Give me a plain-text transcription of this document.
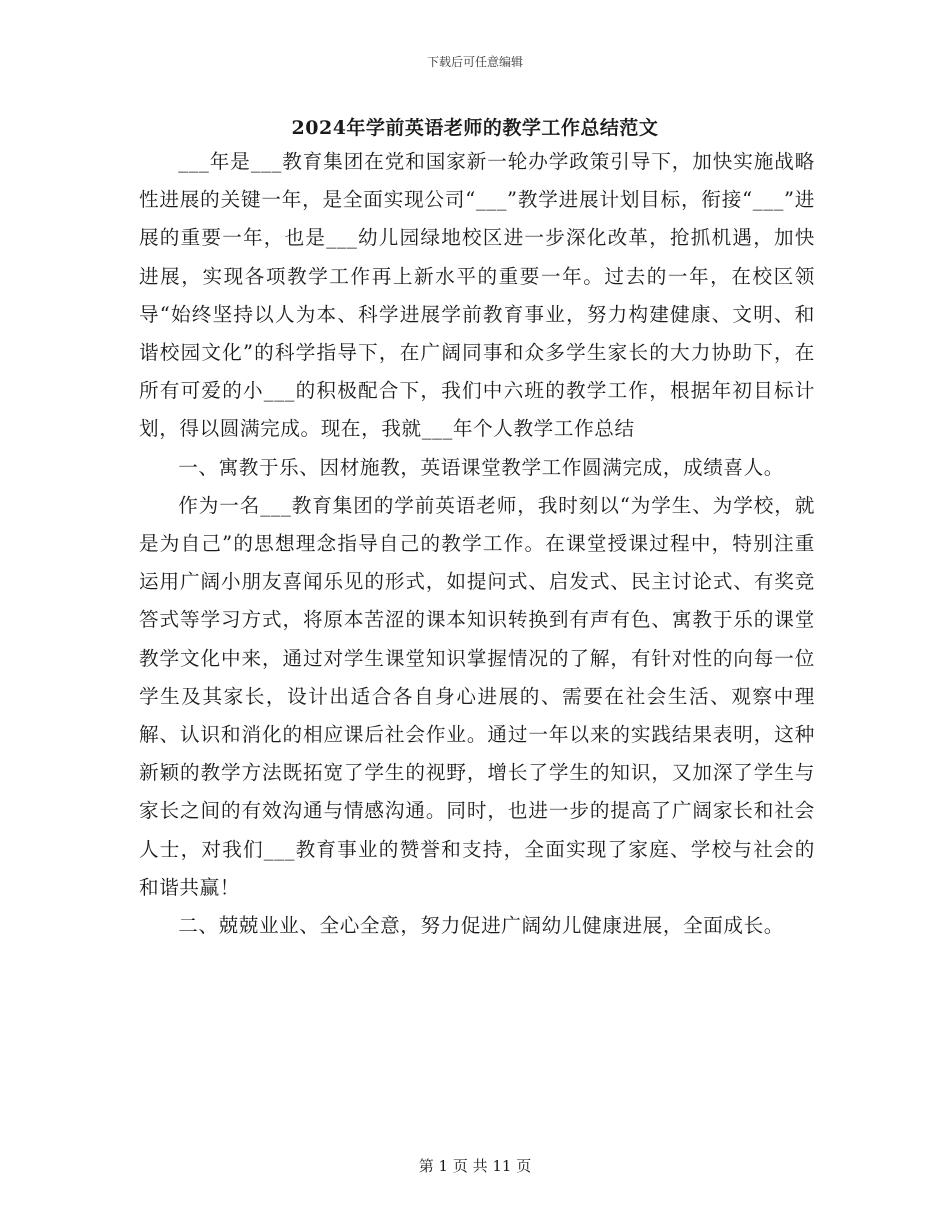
下载后可任意编辑
2024年学前英语老师的教学工作总结范文

___年是___教育集团在党和国家新一轮办学政策引导下，加快实施战略性进展的关键一年，是全面实现公司“___”教学进展计划目标，衔接“___”进展的重要一年，也是___幼儿园绿地校区进一步深化改革，抢抓机遇，加快进展，实现各项教学工作再上新水平的重要一年。过去的一年，在校区领导“始终坚持以人为本、科学进展学前教育事业，努力构建健康、文明、和谐校园文化”的科学指导下，在广阔同事和众多学生家长的大力协助下，在所有可爱的小___的积极配合下，我们中六班的教学工作，根据年初目标计划，得以圆满完成。现在，我就___年个人教学工作总结

一、寓教于乐、因材施教，英语课堂教学工作圆满完成，成绩喜人。

作为一名___教育集团的学前英语老师，我时刻以“为学生、为学校，就是为自己”的思想理念指导自己的教学工作。在课堂授课过程中，特别注重运用广阔小朋友喜闻乐见的形式，如提问式、启发式、民主讨论式、有奖竞答式等学习方式，将原本苦涩的课本知识转换到有声有色、寓教于乐的课堂教学文化中来，通过对学生课堂知识掌握情况的了解，有针对性的向每一位学生及其家长，设计出适合各自身心进展的、需要在社会生活、观察中理解、认识和消化的相应课后社会作业。通过一年以来的实践结果表明，这种新颖的教学方法既拓宽了学生的视野，增长了学生的知识，又加深了学生与家长之间的有效沟通与情感沟通。同时，也进一步的提高了广阔家长和社会人士，对我们___教育事业的赞誉和支持，全面实现了家庭、学校与社会的和谐共赢！

二、兢兢业业、全心全意，努力促进广阔幼儿健康进展，全面成长。

第 1 页 共 11 页
